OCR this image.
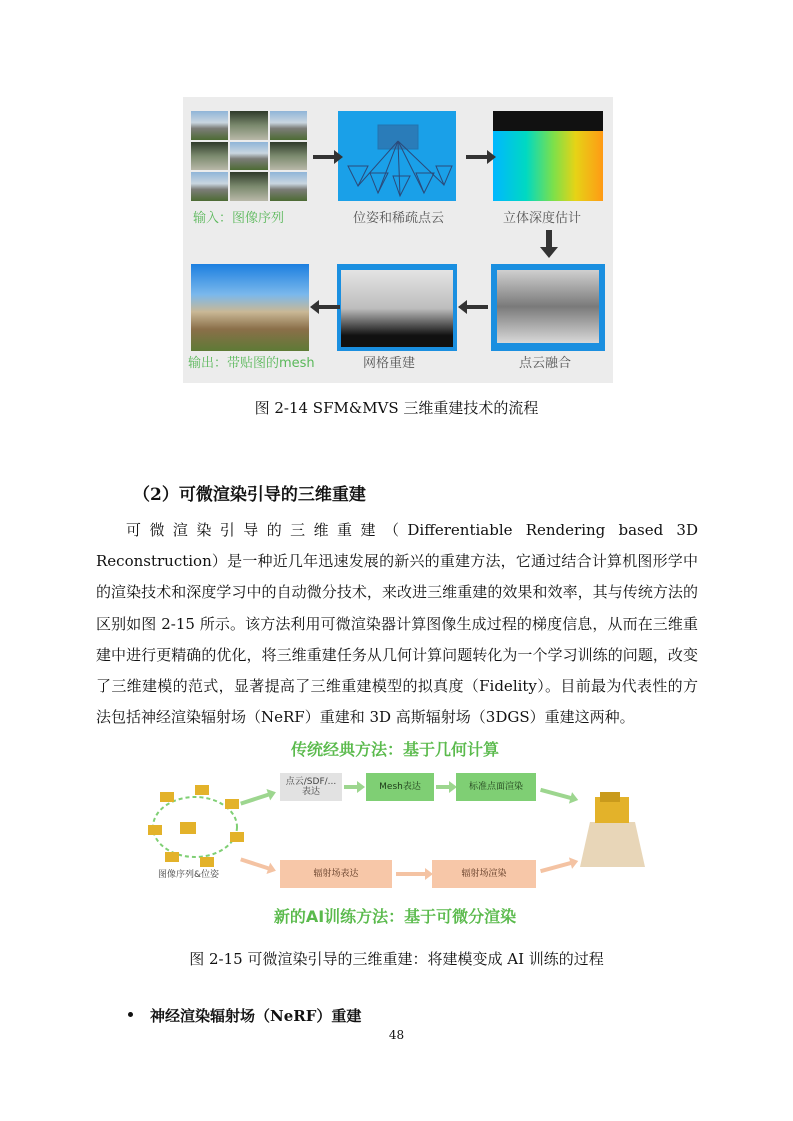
输入：图像序列	位姿和稀疏点云	立体深度估计
点云融合
网格重建
输出：带贴图的mesh
图 2-14 SFM&MVS 三维重建技术的流程
（2）可微渲染引导的三维重建
可微渲染引导的三维重建（Differentiable Rendering based 3D Reconstruction）是一种近几年迅速发展的新兴的重建方法，它通过结合计算机图形学中的渲染技术和深度学习中的自动微分技术，来改进三维重建的效果和效率，其与传统方法的区别如图 2-15 所示。该方法利用可微渲染器计算图像生成过程的梯度信息，从而在三维重建中进行更精确的优化，将三维重建任务从几何计算问题转化为一个学习训练的问题，改变了三维建模的范式，显著提高了三维重建模型的拟真度（Fidelity）。目前最为代表性的方法包括神经渲染辐射场（NeRF）重建和 3D 高斯辐射场（3DGS）重建这两种。
传统经典方法：基于几何计算
图像序列&位姿
点云/SDF/...
表达
Mesh表达	标准点面渲染
辐射场表达	辐射场渲染
新的AI训练方法：基于可微分渲染
图 2-15 可微渲染引导的三维重建：将建模变成 AI 训练的过程
神经渲染辐射场（NeRF）重建
48
